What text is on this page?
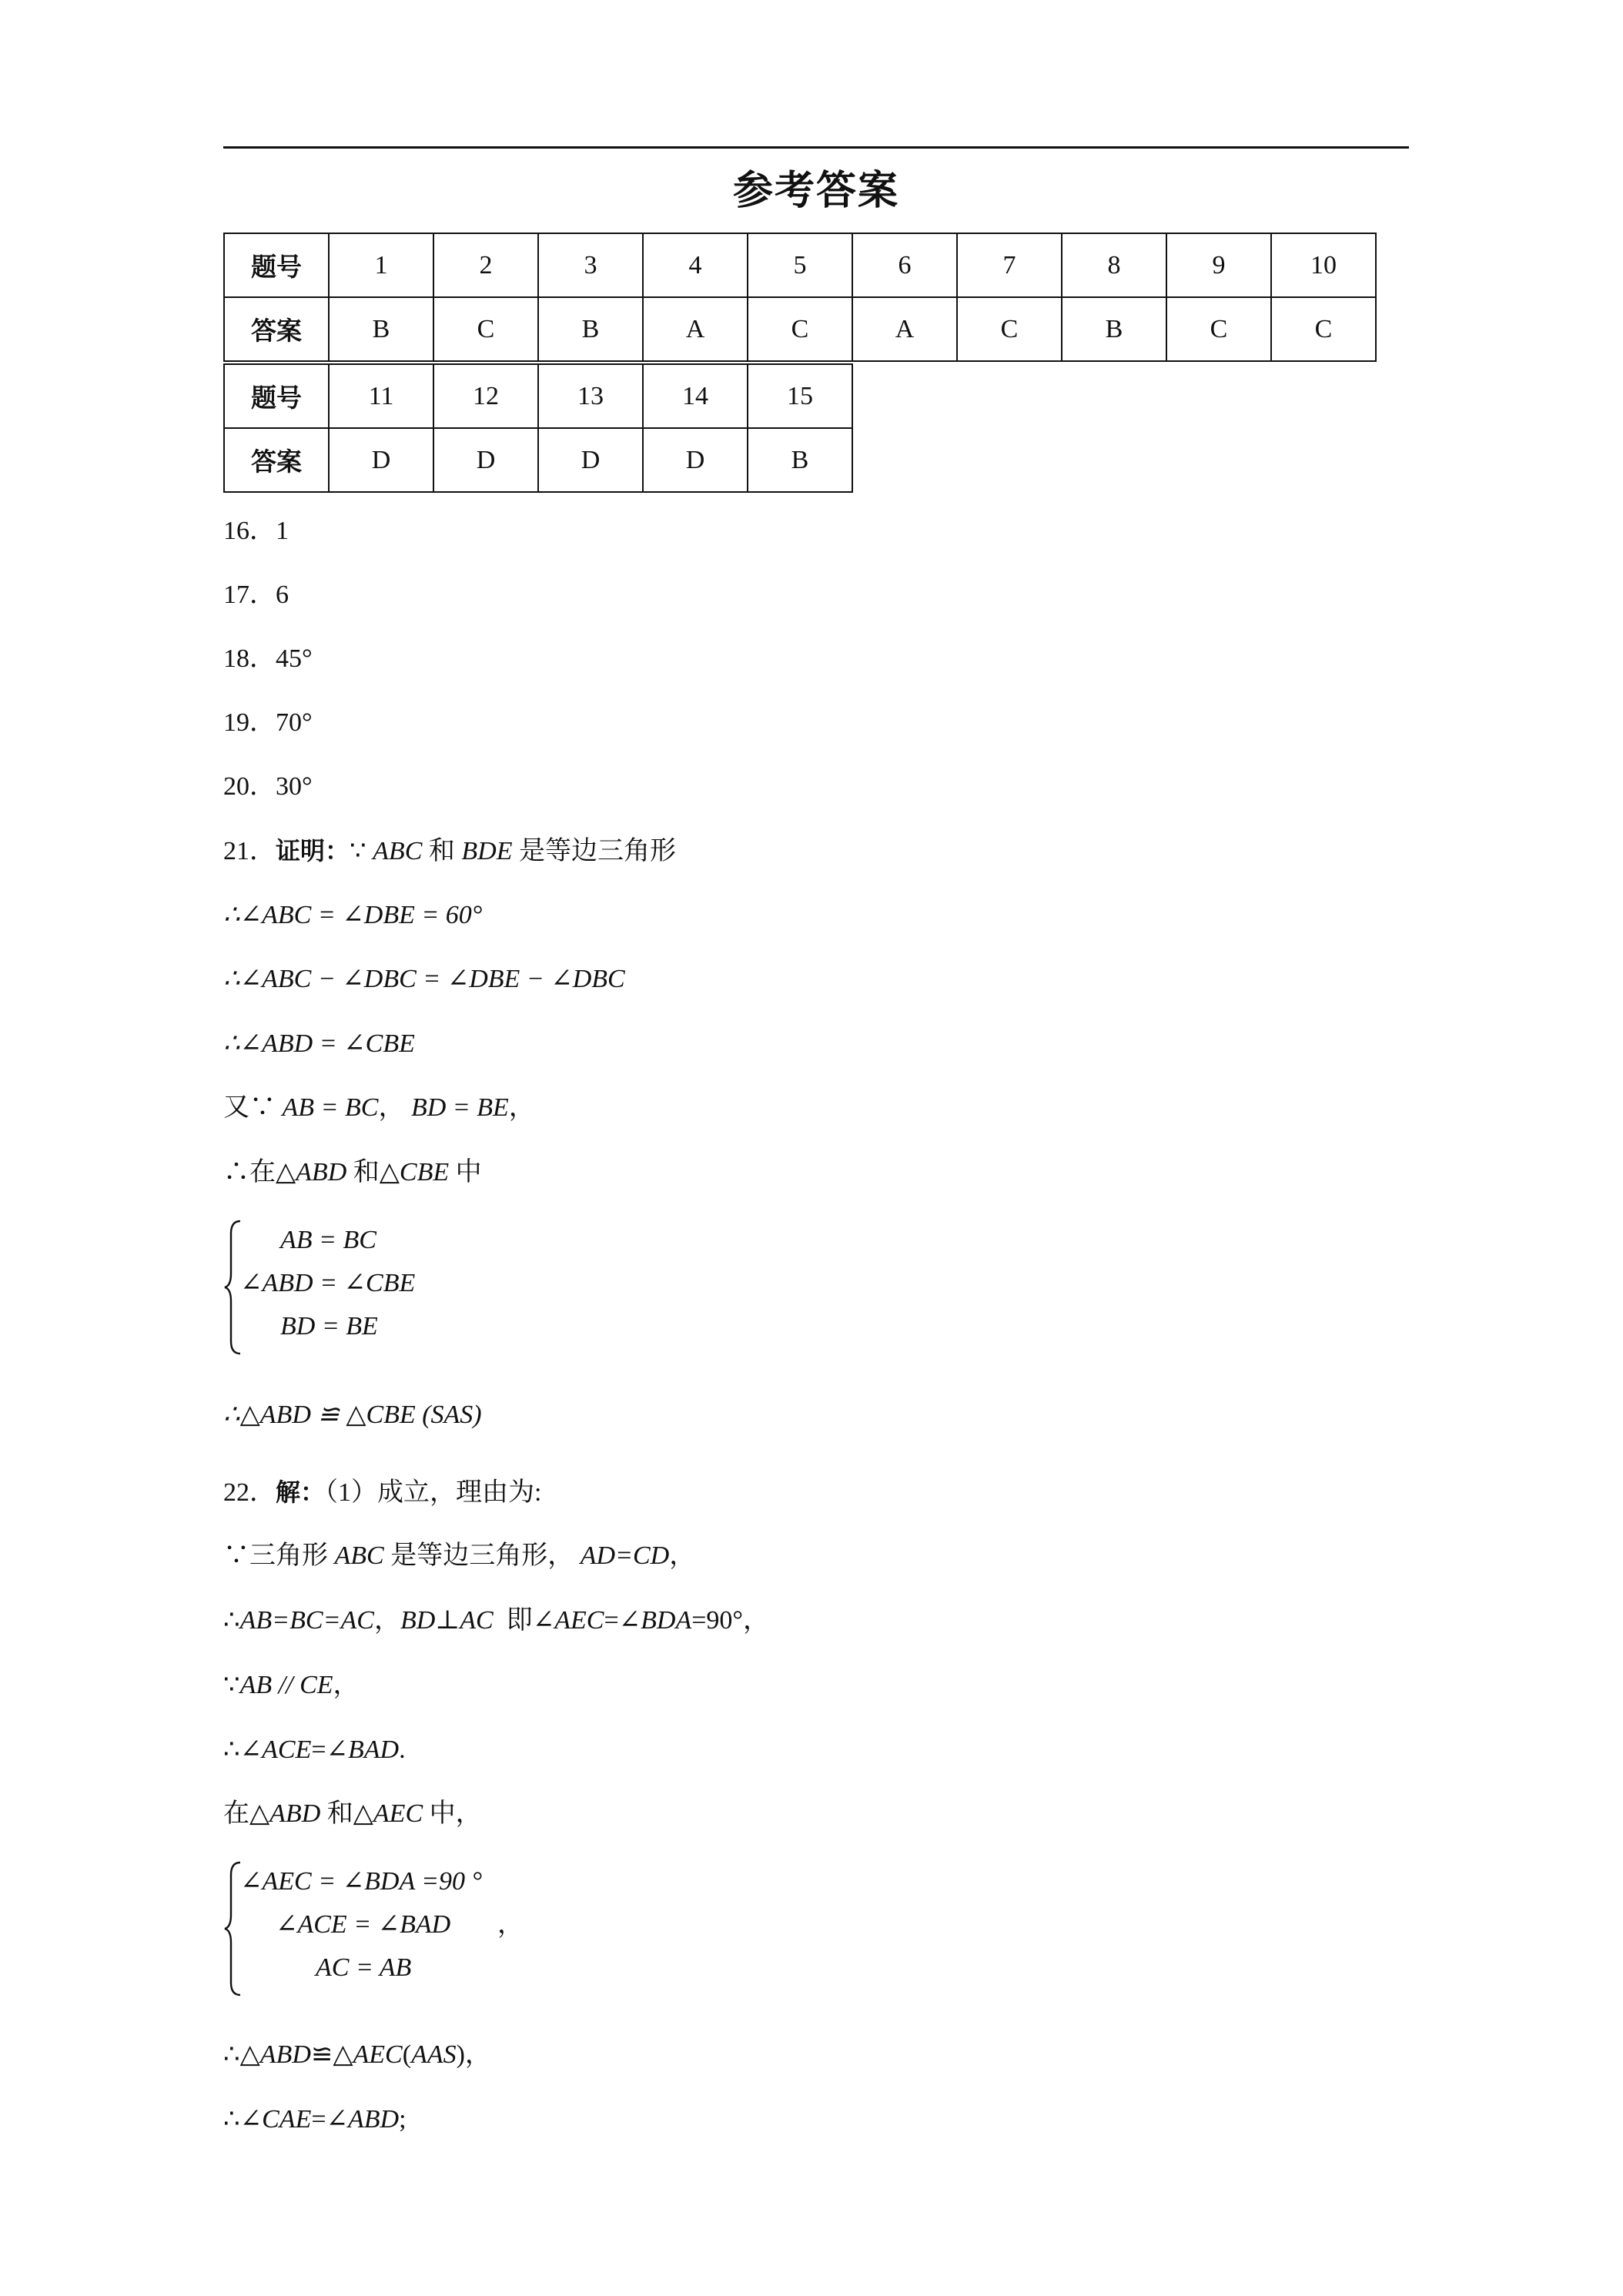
参考答案
题号	1	2	3	4	5	6	7	8	9	10
答案	B	C	B	A	C	A	C	B	C	C
题号	11	12	13	14	15
答案	D	D	D	D	B
16．1
17．6
18．45°
19．70°
20．30°
21．证明：∵ ABC 和 BDE 是等边三角形
∴∠ABC = ∠DBE = 60°
∴∠ABC − ∠DBC = ∠DBE − ∠DBC
∴∠ABD = ∠CBE
又∵ AB = BC， BD = BE，
∴在△ABD 和△CBE 中
AB = BC
∠ABD = ∠CBE
BD = BE
∴△ABD ≌ △CBE (SAS)
22．解：（1）成立，理由为:
∵三角形 ABC 是等边三角形， AD=CD，
∴AB=BC=AC，BD⊥AC  即∠AEC=∠BDA=90°，
∵AB // CE，
∴∠ACE=∠BAD.
在△ABD 和△AEC 中，
∠AEC = ∠BDA =90 °
∠ACE = ∠BAD
AC = AB
，
∴△ABD≌△AEC(AAS)，
∴∠CAE=∠ABD;
